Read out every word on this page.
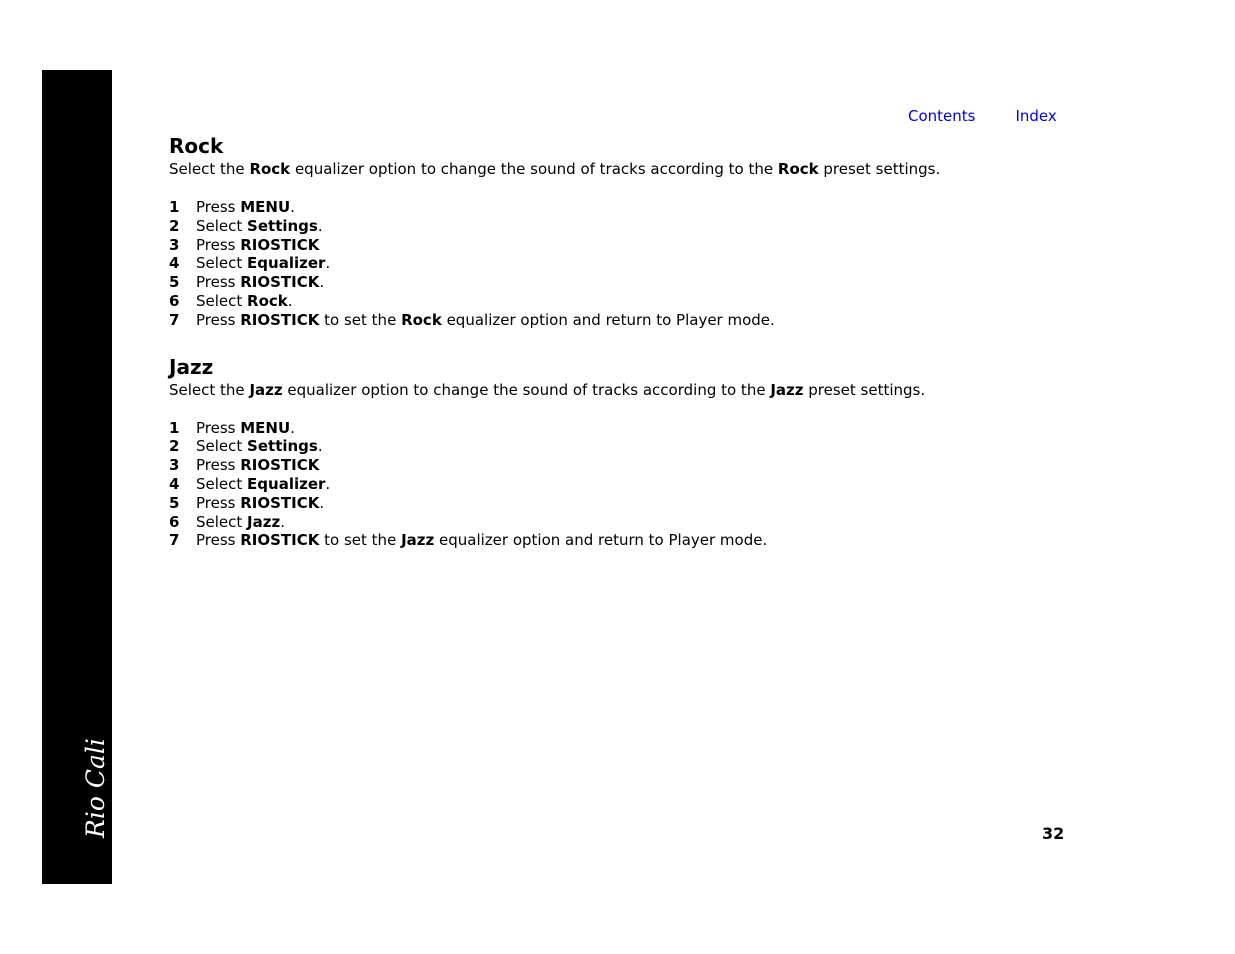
Rio Cali
Contents	Index
Rock

Select the Rock equalizer option to change the sound of tracks according to the Rock preset settings.

1 Press MENU.
2 Select Settings.
3 Press RIOSTICK
4 Select Equalizer.
5 Press RIOSTICK.
6 Select Rock.
7 Press RIOSTICK to set the Rock equalizer option and return to Player mode.
Jazz

Select the Jazz equalizer option to change the sound of tracks according to the Jazz preset settings.

1 Press MENU.
2 Select Settings.
3 Press RIOSTICK
4 Select Equalizer.
5 Press RIOSTICK.
6 Select Jazz.
7 Press RIOSTICK to set the Jazz equalizer option and return to Player mode.
32
